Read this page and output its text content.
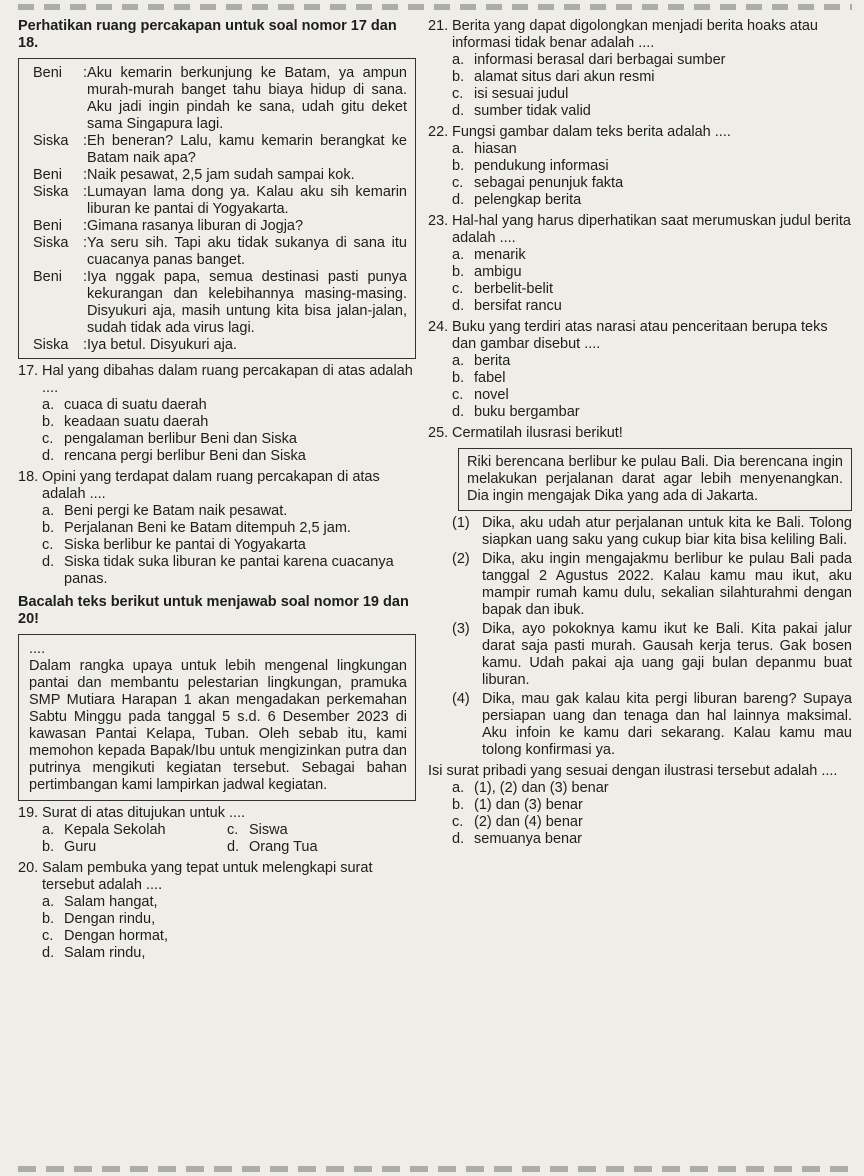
Perhatikan ruang percakapan untuk soal nomor 17 dan 18.

Beni	: Aku kemarin berkunjung ke Batam, ya ampun murah-murah banget tahu biaya hidup di sana. Aku jadi ingin pindah ke sana, udah gitu deket sama Singapura lagi.
Siska	: Eh beneran? Lalu, kamu kemarin berangkat ke Batam naik apa?
Beni	: Naik pesawat, 2,5 jam sudah sampai kok.
Siska	: Lumayan lama dong ya. Kalau aku sih kemarin liburan ke pantai di Yogyakarta.
Beni	: Gimana rasanya liburan di Jogja?
Siska	: Ya seru sih. Tapi aku tidak sukanya di sana itu cuacanya panas banget.
Beni	: Iya nggak papa, semua destinasi pasti punya kekurangan dan kelebihannya masing-masing. Disyukuri aja, masih untung kita bisa jalan-jalan, sudah tidak ada virus lagi.
Siska	: Iya betul. Disyukuri aja.
17. Hal yang dibahas dalam ruang percakapan di atas adalah ....
a. cuaca di suatu daerah
b. keadaan suatu daerah
c. pengalaman berlibur Beni dan Siska
d. rencana pergi berlibur Beni dan Siska
18. Opini yang terdapat dalam ruang percakapan di atas adalah ....
a. Beni pergi ke Batam naik pesawat.
b. Perjalanan Beni ke Batam ditempuh 2,5 jam.
c. Siska berlibur ke pantai di Yogyakarta
d. Siska tidak suka liburan ke pantai karena cuacanya panas.

Bacalah teks berikut untuk menjawab soal nomor 19 dan 20!

....
Dalam rangka upaya untuk lebih mengenal lingkungan pantai dan membantu pelestarian lingkungan, pramuka SMP Mutiara Harapan 1 akan mengadakan perkemahan Sabtu Minggu pada tanggal 5 s.d. 6 Desember 2023 di kawasan Pantai Kelapa, Tuban. Oleh sebab itu, kami memohon kepada Bapak/Ibu untuk mengizinkan putra dan putrinya mengikuti kegiatan tersebut. Sebagai bahan pertimbangan kami lampirkan jadwal kegiatan.
19. Surat di atas ditujukan untuk ....
a. Kepala Sekolah	c. Siswa
b. Guru	d. Orang Tua
20. Salam pembuka yang tepat untuk melengkapi surat tersebut adalah ....
a. Salam hangat,
b. Dengan rindu,
c. Dengan hormat,
d. Salam rindu,
21. Berita yang dapat digolongkan menjadi berita hoaks atau informasi tidak benar adalah ....
a. informasi berasal dari berbagai sumber
b. alamat situs dari akun resmi
c. isi sesuai judul
d. sumber tidak valid
22. Fungsi gambar dalam teks berita adalah ....
a. hiasan
b. pendukung informasi
c. sebagai penunjuk fakta
d. pelengkap berita
23. Hal-hal yang harus diperhatikan saat merumuskan judul berita adalah ....
a. menarik
b. ambigu
c. berbelit-belit
d. bersifat rancu
24. Buku yang terdiri atas narasi atau penceritaan berupa teks dan gambar disebut ....
a. berita
b. fabel
c. novel
d. buku bergambar
25. Cermatilah ilusrasi berikut!
Riki berencana berlibur ke pulau Bali. Dia berencana ingin melakukan perjalanan darat agar lebih menyenangkan. Dia ingin mengajak Dika yang ada di Jakarta.
(1) Dika, aku udah atur perjalanan untuk kita ke Bali. Tolong siapkan uang saku yang cukup biar kita bisa keliling Bali.
(2) Dika, aku ingin mengajakmu berlibur ke pulau Bali pada tanggal 2 Agustus 2022. Kalau kamu mau ikut, aku mampir rumah kamu dulu, sekalian silahturahmi dengan bapak dan ibuk.
(3) Dika, ayo pokoknya kamu ikut ke Bali. Kita pakai jalur darat saja pasti murah. Gausah kerja terus. Gak bosen kamu. Udah pakai aja uang gaji bulan depanmu buat liburan.
(4) Dika, mau gak kalau kita pergi liburan bareng? Supaya persiapan uang dan tenaga dan hal lainnya maksimal. Aku infoin ke kamu dari sekarang. Kalau kamu mau tolong konfirmasi ya.

Isi surat pribadi yang sesuai dengan ilustrasi tersebut adalah ....

a. (1), (2) dan (3) benar
b. (1) dan (3) benar
c. (2) dan (4) benar
d. semuanya benar
